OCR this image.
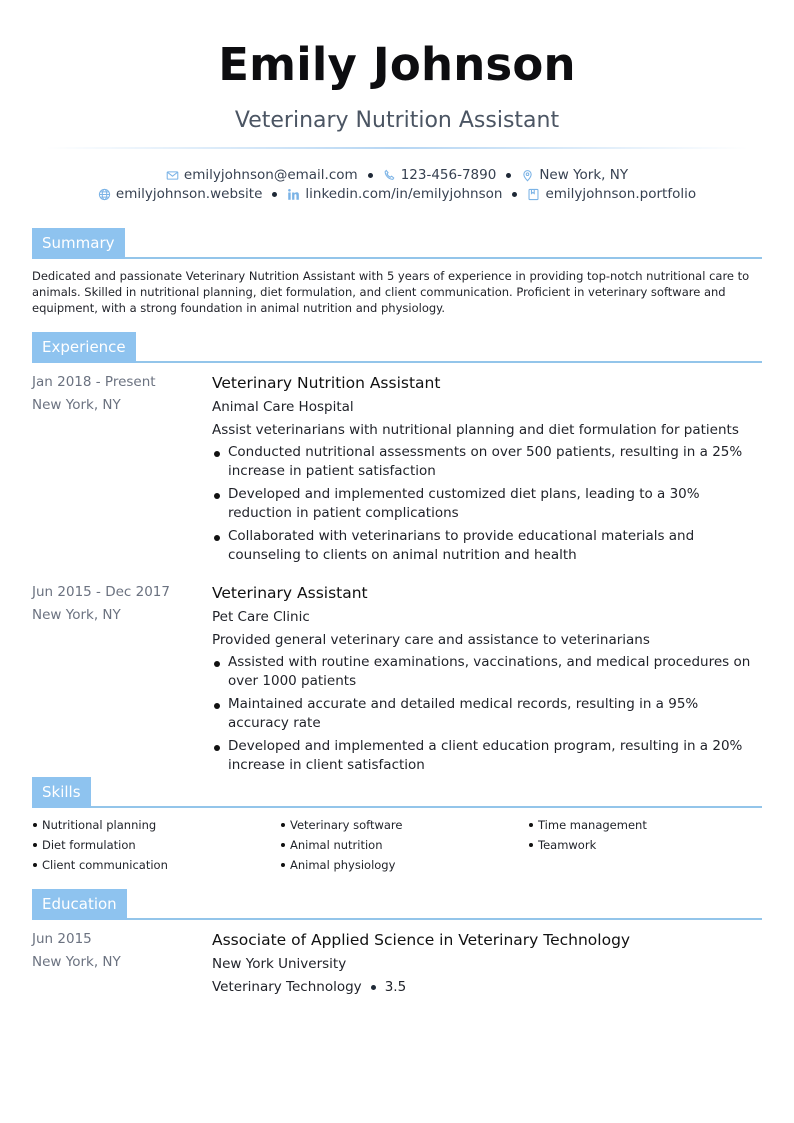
Emily Johnson
Veterinary Nutrition Assistant
emilyjohnson@email.com	123-456-7890	New York, NY
emilyjohnson.website	linkedin.com/in/emilyjohnson	emilyjohnson.portfolio
Summary
Dedicated and passionate Veterinary Nutrition Assistant with 5 years of experience in providing top-notch nutritional care to animals. Skilled in nutritional planning, diet formulation, and client communication. Proficient in veterinary software and equipment, with a strong foundation in animal nutrition and physiology.
Experience
Jan 2018 - Present
New York, NY
Veterinary Nutrition Assistant
Animal Care Hospital
Assist veterinarians with nutritional planning and diet formulation for patients
Conducted nutritional assessments on over 500 patients, resulting in a 25% increase in patient satisfaction
Developed and implemented customized diet plans, leading to a 30% reduction in patient complications
Collaborated with veterinarians to provide educational materials and counseling to clients on animal nutrition and health
Jun 2015 - Dec 2017
New York, NY
Veterinary Assistant
Pet Care Clinic
Provided general veterinary care and assistance to veterinarians
Assisted with routine examinations, vaccinations, and medical procedures on over 1000 patients
Maintained accurate and detailed medical records, resulting in a 95% accuracy rate
Developed and implemented a client education program, resulting in a 20% increase in client satisfaction
Skills
Nutritional planning	Veterinary software	Time management
Diet formulation	Animal nutrition	Teamwork
Client communication	Animal physiology
Education
Jun 2015
New York, NY
Associate of Applied Science in Veterinary Technology
New York University
Veterinary Technology 3.5
